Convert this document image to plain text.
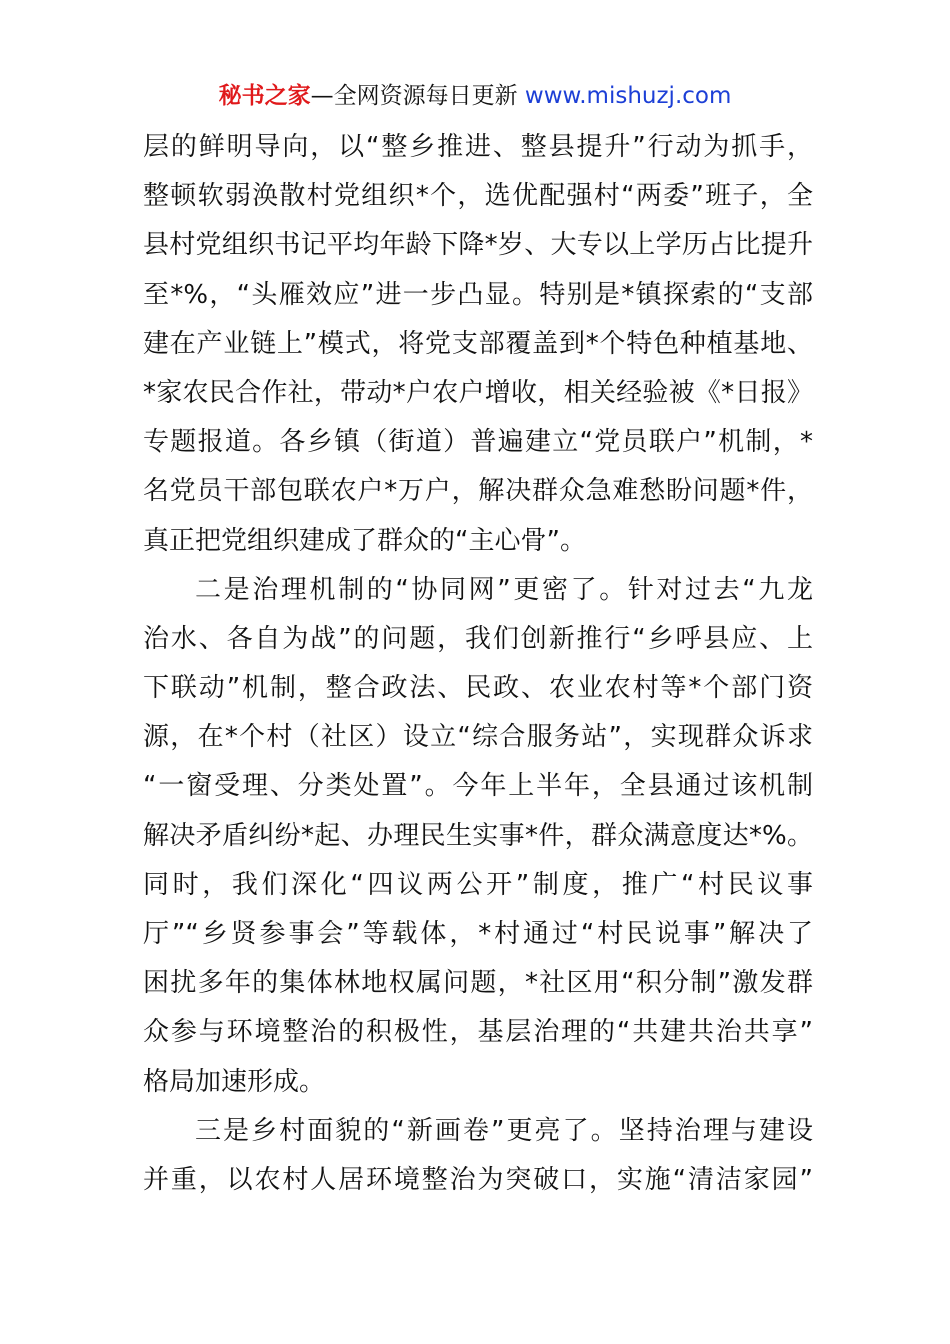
秘书之家—全网资源每日更新 www.mishuzj.com
层的鲜明导向，以“整乡推进、整县提升”行动为抓手，
整顿软弱涣散村党组织*个，选优配强村“两委”班子，全
县村党组织书记平均年龄下降*岁、大专以上学历占比提升
至*%，“头雁效应”进一步凸显。特别是*镇探索的“支部
建在产业链上”模式，将党支部覆盖到*个特色种植基地、
*家农民合作社，带动*户农户增收，相关经验被《*日报》
专题报道。各乡镇（街道）普遍建立“党员联户”机制，*
名党员干部包联农户*万户，解决群众急难愁盼问题*件，
真正把党组织建成了群众的“主心骨”。
二是治理机制的“协同网”更密了。针对过去“九龙
治水、各自为战”的问题，我们创新推行“乡呼县应、上
下联动”机制，整合政法、民政、农业农村等*个部门资
源，在*个村（社区）设立“综合服务站”，实现群众诉求
“一窗受理、分类处置”。今年上半年，全县通过该机制
解决矛盾纠纷*起、办理民生实事*件，群众满意度达*%。
同时，我们深化“四议两公开”制度，推广“村民议事
厅”“乡贤参事会”等载体，*村通过“村民说事”解决了
困扰多年的集体林地权属问题，*社区用“积分制”激发群
众参与环境整治的积极性，基层治理的“共建共治共享”
格局加速形成。
三是乡村面貌的“新画卷”更亮了。坚持治理与建设
并重，以农村人居环境整治为突破口，实施“清洁家园”
